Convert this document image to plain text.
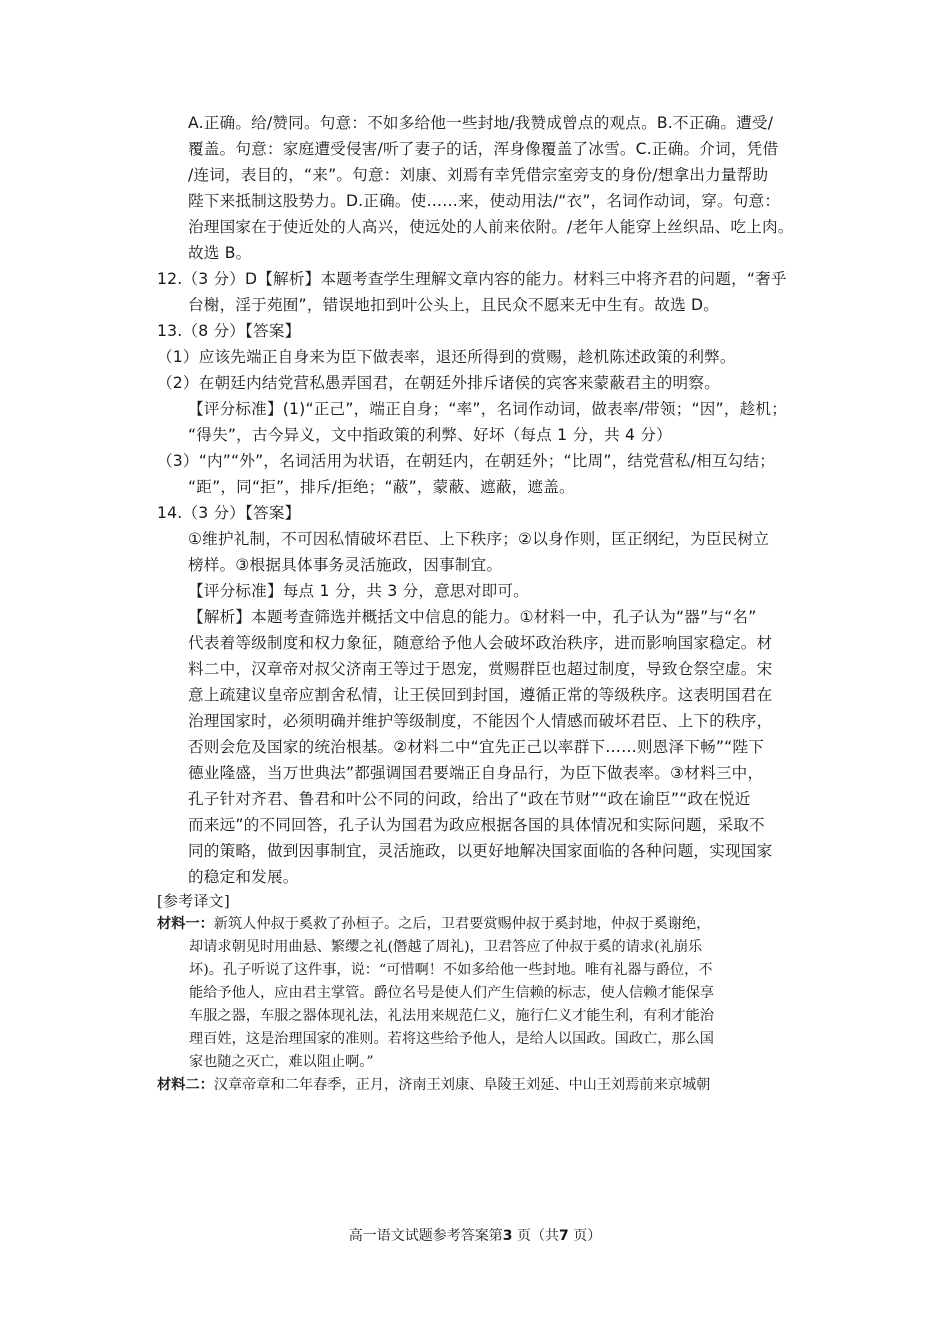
A.正确。给/赞同。句意：不如多给他一些封地/我赞成曾点的观点。B.不正确。遭受/

覆盖。句意：家庭遭受侵害/听了妻子的话，浑身像覆盖了冰雪。C.正确。介词，凭借

/连词，表目的，“来”。句意：刘康、刘焉有幸凭借宗室旁支的身份/想拿出力量帮助

陛下来抵制这股势力。D.正确。使……来，使动用法/“衣”，名词作动词，穿。句意：

治理国家在于使近处的人高兴，使远处的人前来依附。/老年人能穿上丝织品、吃上肉。

故选 B。

12.（3 分）D【解析】本题考查学生理解文章内容的能力。材料三中将齐君的问题，“奢乎

台榭，淫于苑囿”，错误地扣到叶公头上，且民众不愿来无中生有。故选 D。

13.（8 分）【答案】

（1）应该先端正自身来为臣下做表率，退还所得到的赏赐，趁机陈述政策的利弊。

（2）在朝廷内结党营私愚弄国君，在朝廷外排斥诸侯的宾客来蒙蔽君主的明察。

【评分标准】(1)“正己”，端正自身；“率”，名词作动词，做表率/带领；“因”，趁机；

“得失”，古今异义，文中指政策的利弊、好坏（每点 1 分，共 4 分）

（3）“内”“外”，名词活用为状语，在朝廷内，在朝廷外；“比周”，结党营私/相互勾结；

“距”，同“拒”，排斥/拒绝；“蔽”，蒙蔽、遮蔽，遮盖。

14.（3 分）【答案】

①维护礼制，不可因私情破坏君臣、上下秩序；②以身作则，匡正纲纪，为臣民树立

榜样。③根据具体事务灵活施政，因事制宜。

【评分标准】每点 1 分，共 3 分，意思对即可。

【解析】本题考查筛选并概括文中信息的能力。①材料一中，孔子认为“器”与“名”

代表着等级制度和权力象征，随意给予他人会破坏政治秩序，进而影响国家稳定。材

料二中，汉章帝对叔父济南王等过于恩宠，赏赐群臣也超过制度，导致仓祭空虚。宋

意上疏建议皇帝应割舍私情，让王侯回到封国，遵循正常的等级秩序。这表明国君在

治理国家时，必须明确并维护等级制度，不能因个人情感而破坏君臣、上下的秩序，

否则会危及国家的统治根基。②材料二中“宜先正己以率群下……则恩泽下畅”“陛下

德业隆盛，当万世典法”都强调国君要端正自身品行，为臣下做表率。③材料三中，

孔子针对齐君、鲁君和叶公不同的问政，给出了“政在节财”“政在谕臣”“政在悦近

而来远”的不同回答，孔子认为国君为政应根据各国的具体情况和实际问题，采取不

同的策略，做到因事制宜，灵活施政，以更好地解决国家面临的各种问题，实现国家

的稳定和发展。

[参考译文]

材料一：新筑人仲叔于奚救了孙桓子。之后，卫君要赏赐仲叔于奚封地，仲叔于奚谢绝，

却请求朝见时用曲悬、繁缨之礼(僭越了周礼)，卫君答应了仲叔于奚的请求(礼崩乐

坏)。孔子听说了这件事，说：“可惜啊！不如多给他一些封地。唯有礼器与爵位，不

能给予他人，应由君主掌管。爵位名号是使人们产生信赖的标志，使人信赖才能保享

车服之器，车服之器体现礼法，礼法用来规范仁义，施行仁义才能生利，有利才能治

理百姓，这是治理国家的准则。若将这些给予他人，是给人以国政。国政亡，那么国

家也随之灭亡，难以阻止啊。”

材料二：汉章帝章和二年春季，正月，济南王刘康、阜陵王刘延、中山王刘焉前来京城朝

高一语文试题参考答案第3 页（共7 页）
